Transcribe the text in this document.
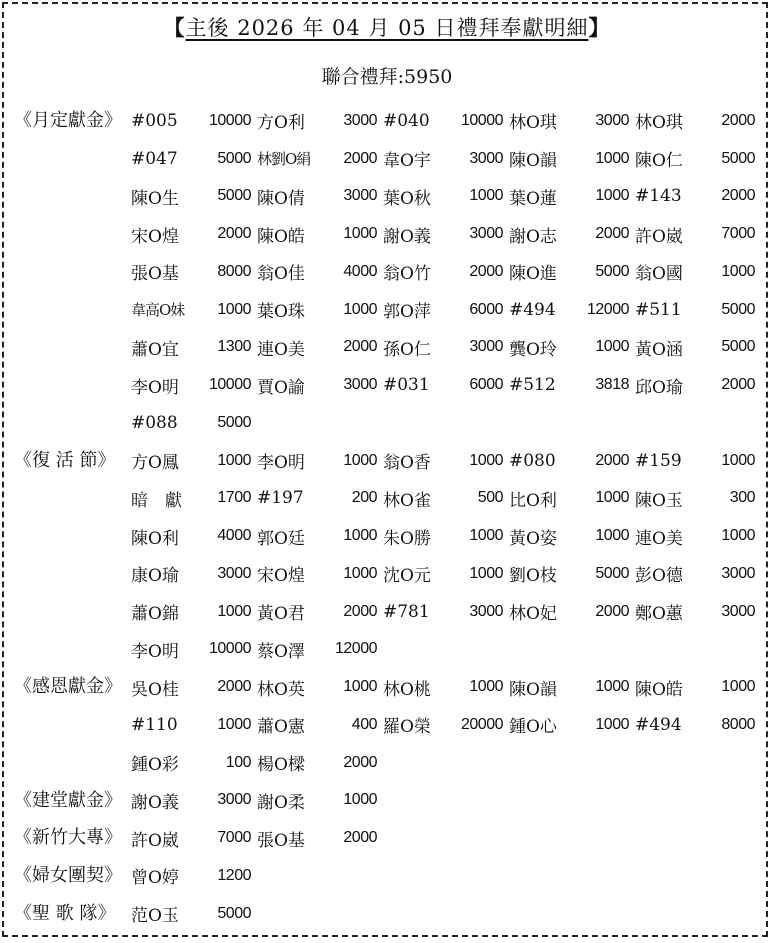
【主後 2026 年 04 月 05 日禮拜奉獻明細】
聯合禮拜:5950
《月定獻金》 #005	10000 方O利	3000 #040	10000 林O琪	3000 林O琪	2000
#047	5000 林劉O絹	2000 韋O宇	3000 陳O韻	1000 陳O仁	5000
陳O生	5000 陳O倩	3000 葉O秋	1000 葉O蓮	1000 #143	2000
宋O煌	2000 陳O皓	1000 謝O義	3000 謝O志	2000 許O崴	7000
張O基	8000 翁O佳	4000 翁O竹	2000 陳O進	5000 翁O國	1000
韋高O妹	1000 葉O珠	1000 郭O萍	6000 #494	12000 #511	5000
蕭O宜	1300 連O美	2000 孫O仁	3000 龔O玲	1000 黃O涵	5000
李O明	10000 賈O諭	3000 #031	6000 #512	3818 邱O瑜	2000
#088	5000
《復 活 節》 方O鳳	1000 李O明	1000 翁O香	1000 #080	2000 #159	1000
暗　獻	1700 #197	200 林O雀	500 比O利	1000 陳O玉	300
陳O利	4000 郭O廷	1000 朱O勝	1000 黃O姿	1000 連O美	1000
康O瑜	3000 宋O煌	1000 沈O元	1000 劉O枝	5000 彭O德	3000
蕭O錦	1000 黃O君	2000 #781	3000 林O妃	2000 鄭O蕙	3000
李O明	10000 蔡O澤	12000
《感恩獻金》 吳O桂	2000 林O英	1000 林O桃	1000 陳O韻	1000 陳O皓	1000
#110	1000 蕭O憲	400 羅O榮	20000 鍾O心	1000 #494	8000
鍾O彩	100 楊O樑	2000
《建堂獻金》 謝O義	3000 謝O柔	1000
《新竹大專》 許O崴	7000 張O基	2000
《婦女團契》 曾O婷	1200
《聖 歌 隊》 范O玉	5000
